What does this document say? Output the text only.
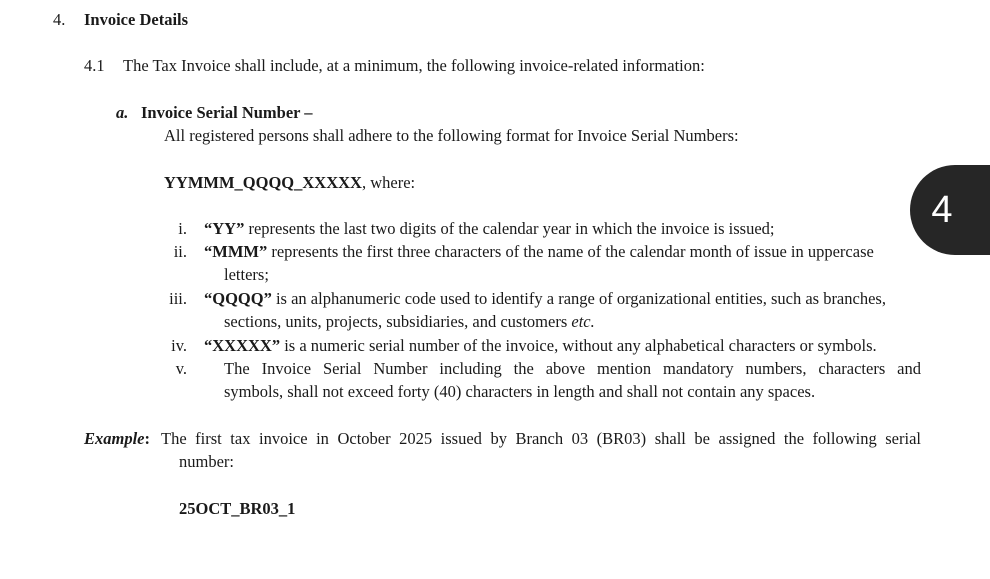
4. Invoice Details
4.1 The Tax Invoice shall include, at a minimum, the following invoice-related information:
a. Invoice Serial Number –
All registered persons shall adhere to the following format for Invoice Serial Numbers:
YYMMM_QQQQ_XXXXX, where:
i. “YY” represents the last two digits of the calendar year in which the invoice is issued;
ii. “MMM” represents the first three characters of the name of the calendar month of issue in uppercase
letters;
iii. “QQQQ” is an alphanumeric code used to identify a range of organizational entities, such as branches,
sections, units, projects, subsidiaries, and customers etc.
iv. “XXXXX” is a numeric serial number of the invoice, without any alphabetical characters or symbols.
v. The Invoice Serial Number including the above mention mandatory numbers, characters and
symbols, shall not exceed forty (40) characters in length and shall not contain any spaces.
Example: The first tax invoice in October 2025 issued by Branch 03 (BR03) shall be assigned the following serial
number:
25OCT_BR03_1
4
